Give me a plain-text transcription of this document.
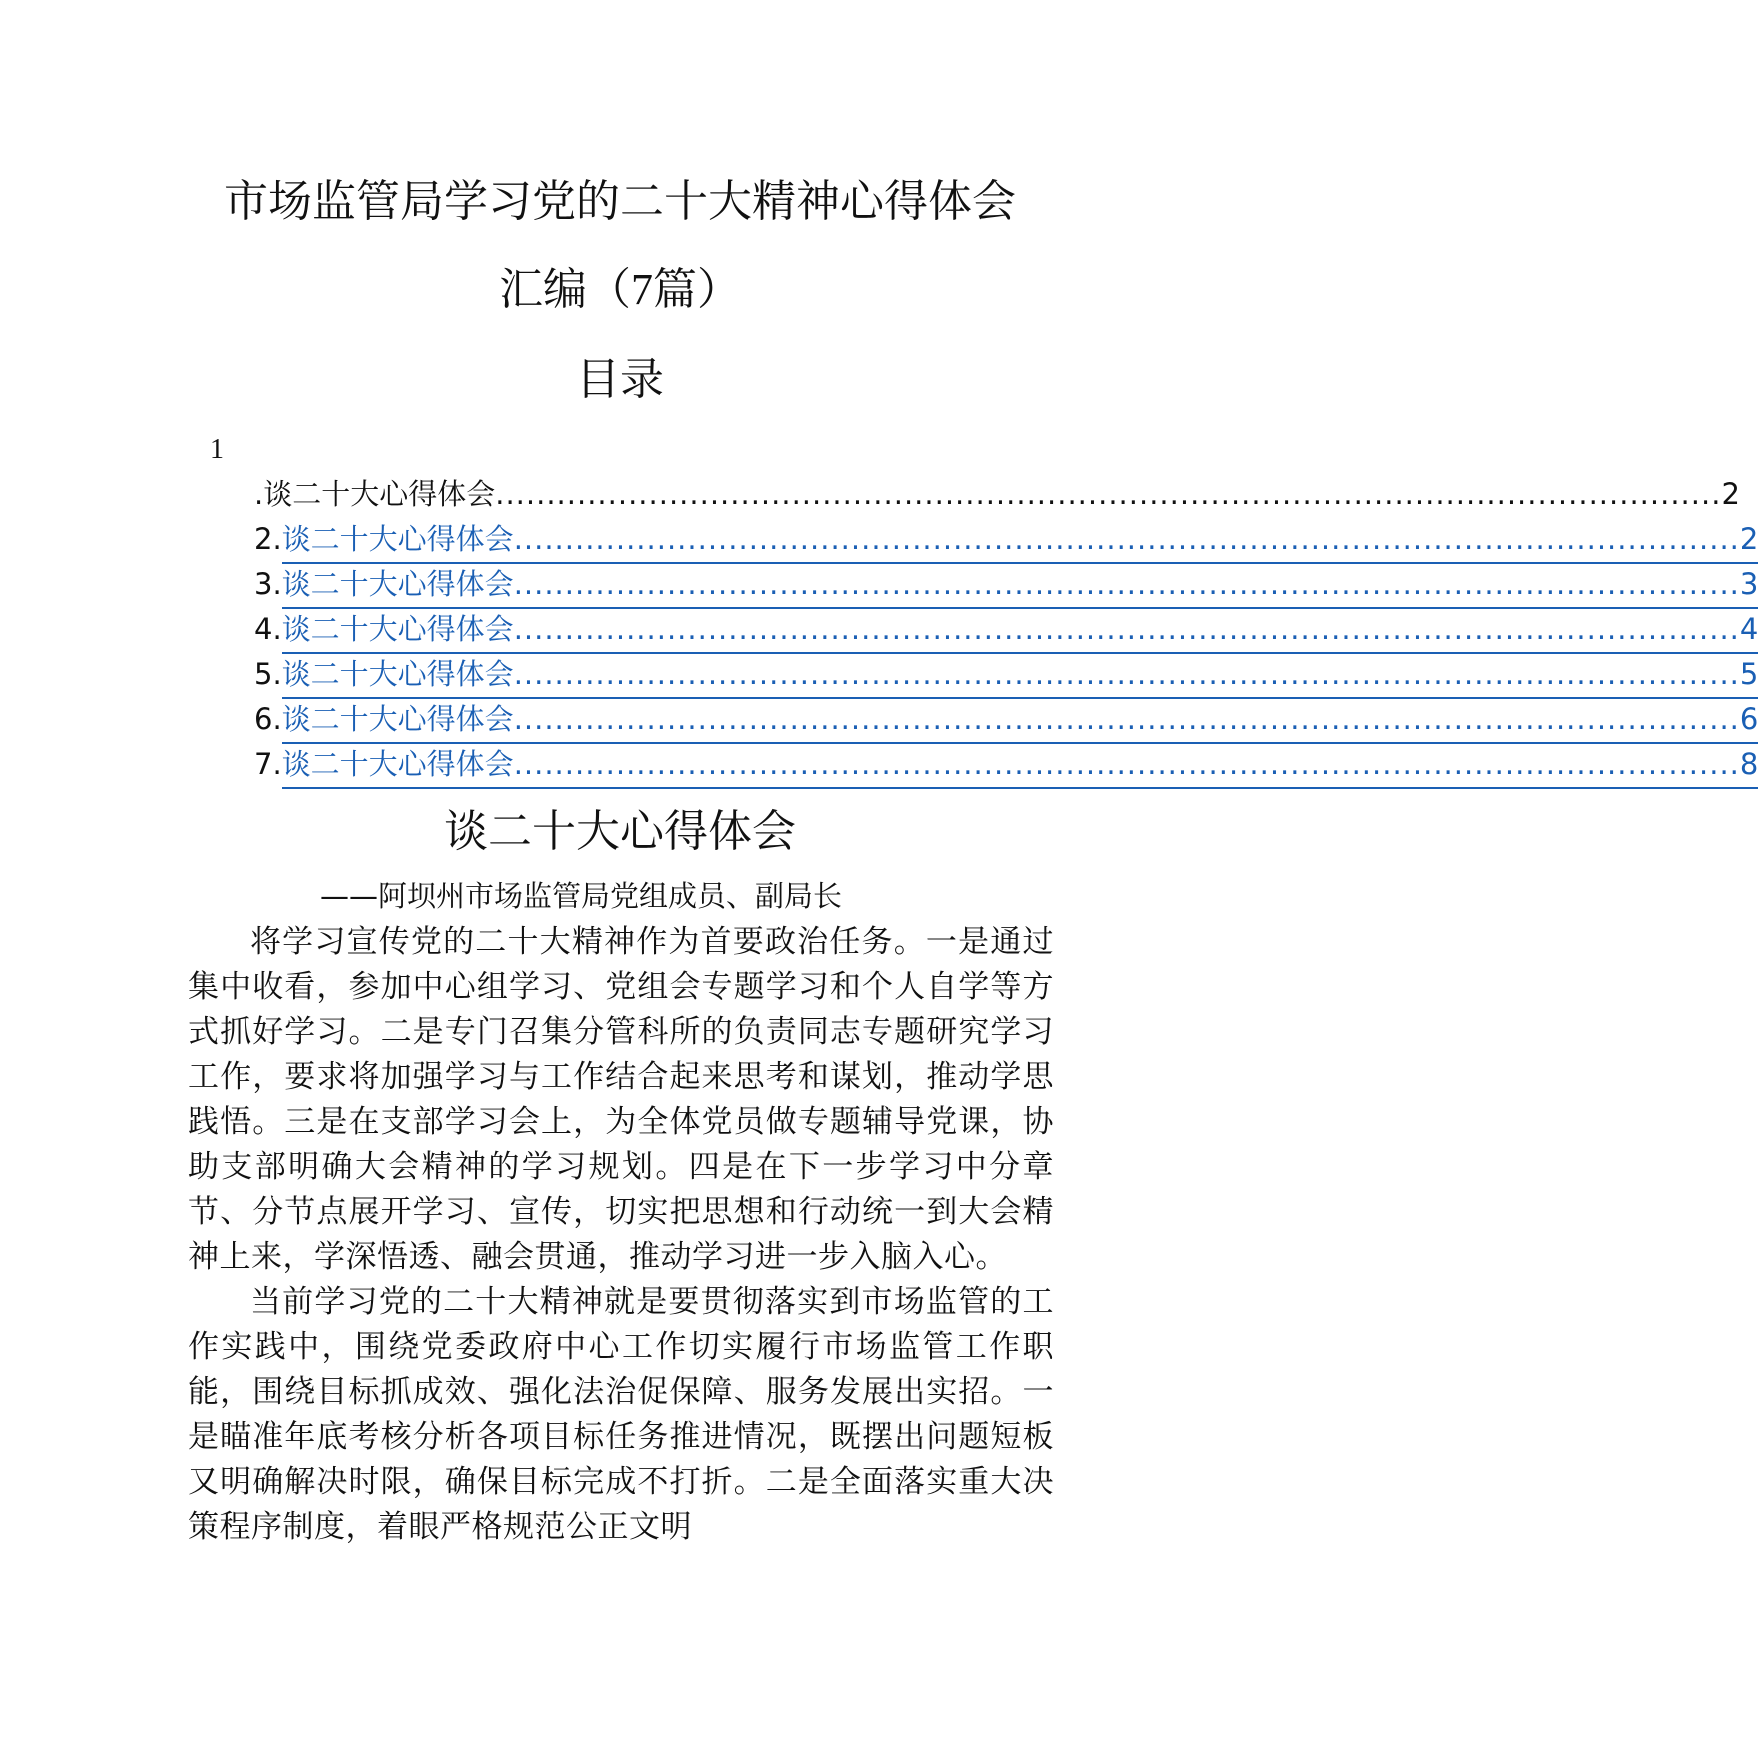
市场监管局学习党的二十大精神心得体会
汇编（7篇）
目录
1
. 谈二十大心得体会 ........................................................................................................................ 2
2. 谈二十大心得体会 ........................................................................................................................ 2
3. 谈二十大心得体会 ........................................................................................................................ 3
4. 谈二十大心得体会 ........................................................................................................................ 4
5. 谈二十大心得体会 ........................................................................................................................ 5
6. 谈二十大心得体会 ........................................................................................................................ 6
7. 谈二十大心得体会 ........................................................................................................................ 8
谈二十大心得体会
——阿坝州市场监管局党组成员、副局长

将学习宣传党的二十大精神作为首要政治任务。一是通过集中收看，参加中心组学习、党组会专题学习和个人自学等方式抓好学习。二是专门召集分管科所的负责同志专题研究学习工作，要求将加强学习与工作结合起来思考和谋划，推动学思践悟。三是在支部学习会上，为全体党员做专题辅导党课，协助支部明确大会精神的学习规划。四是在下一步学习中分章节、分节点展开学习、宣传，切实把思想和行动统一到大会精神上来，学深悟透、融会贯通，推动学习进一步入脑入心。

当前学习党的二十大精神就是要贯彻落实到市场监管的工作实践中，围绕党委政府中心工作切实履行市场监管工作职能，围绕目标抓成效、强化法治促保障、服务发展出实招。一是瞄准年底考核分析各项目标任务推进情况，既摆出问题短板又明确解决时限，确保目标完成不打折。二是全面落实重大决策程序制度，着眼严格规范公正文明
